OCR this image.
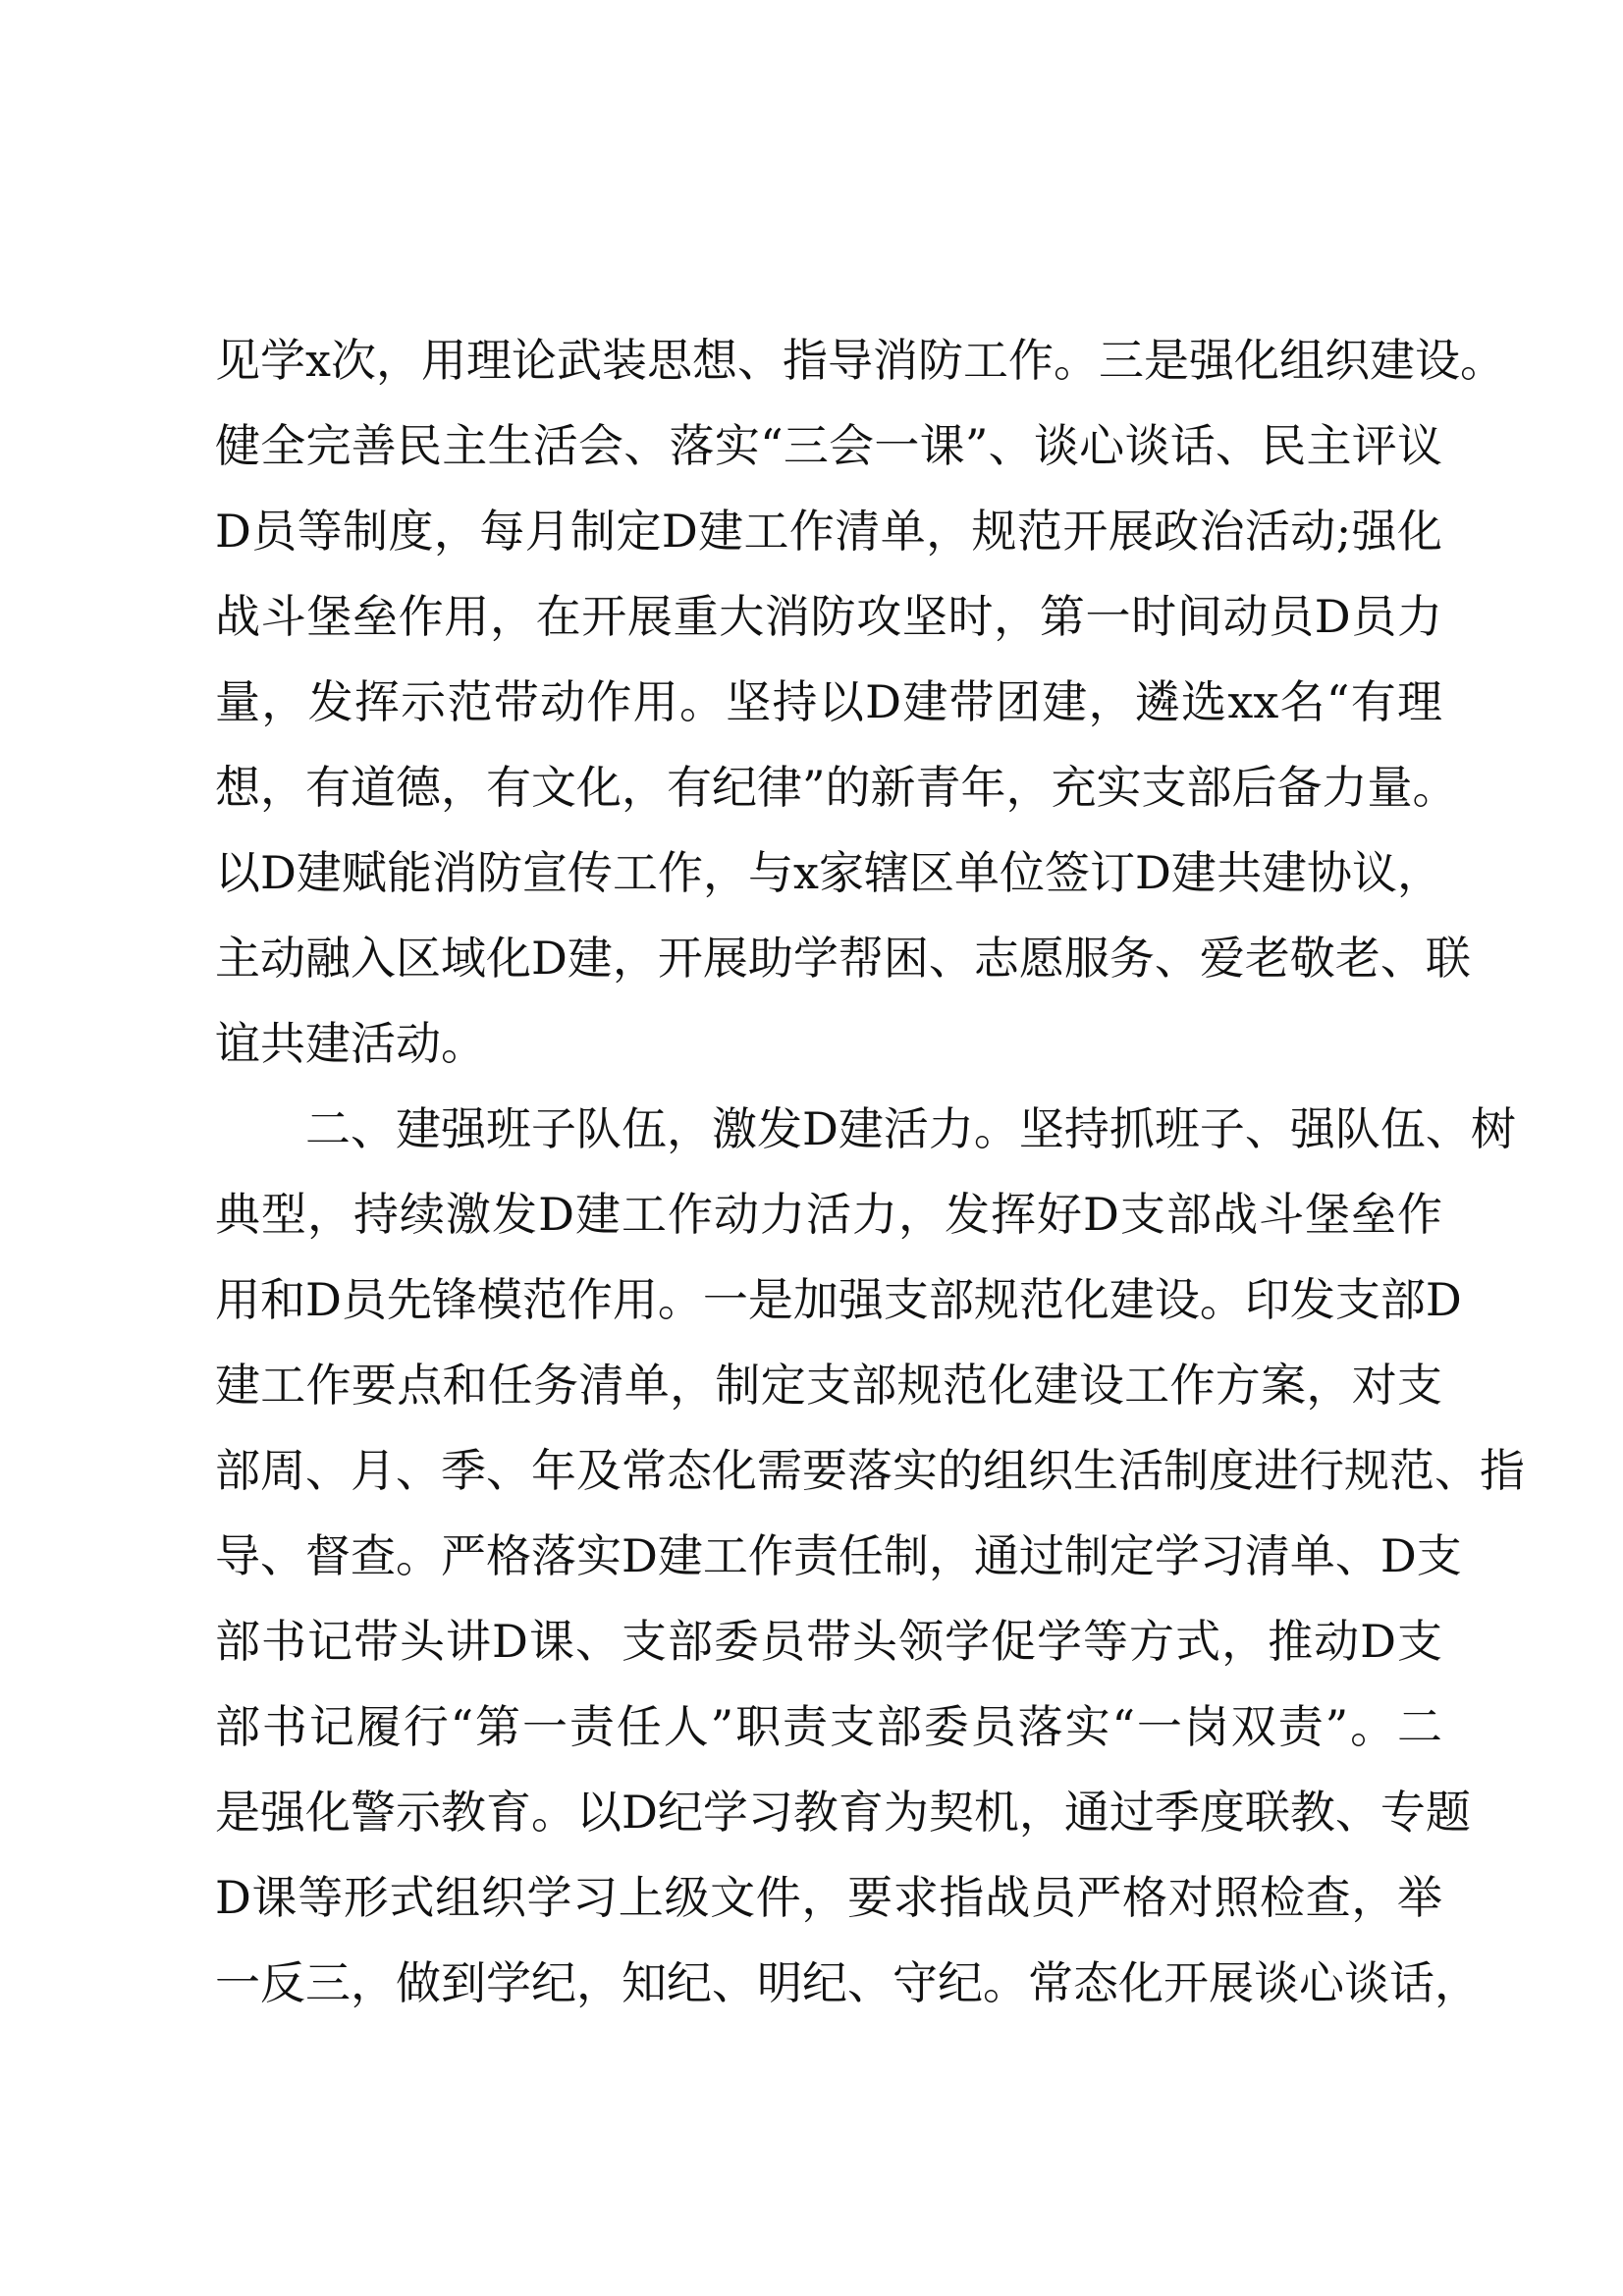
见学x次，用理论武装思想、指导消防工作。三是强化组织建设。
健全完善民主生活会、落实“三会一课”、谈心谈话、民主评议
D员等制度，每月制定D建工作清单，规范开展政治活动;强化
战斗堡垒作用，在开展重大消防攻坚时，第一时间动员D员力
量，发挥示范带动作用。坚持以D建带团建，遴选xx名“有理
想，有道德，有文化，有纪律”的新青年，充实支部后备力量。
以D建赋能消防宣传工作，与x家辖区单位签订D建共建协议，
主动融入区域化D建，开展助学帮困、志愿服务、爱老敬老、联
谊共建活动。
二、建强班子队伍，激发D建活力。坚持抓班子、强队伍、树
典型，持续激发D建工作动力活力，发挥好D支部战斗堡垒作
用和D员先锋模范作用。一是加强支部规范化建设。印发支部D
建工作要点和任务清单，制定支部规范化建设工作方案，对支
部周、月、季、年及常态化需要落实的组织生活制度进行规范、指
导、督查。严格落实D建工作责任制，通过制定学习清单、D支
部书记带头讲D课、支部委员带头领学促学等方式，推动D支
部书记履行“第一责任人”职责支部委员落实“一岗双责”。二
是强化警示教育。以D纪学习教育为契机，通过季度联教、专题
D课等形式组织学习上级文件，要求指战员严格对照检查，举
一反三，做到学纪，知纪、明纪、守纪。常态化开展谈心谈话，
